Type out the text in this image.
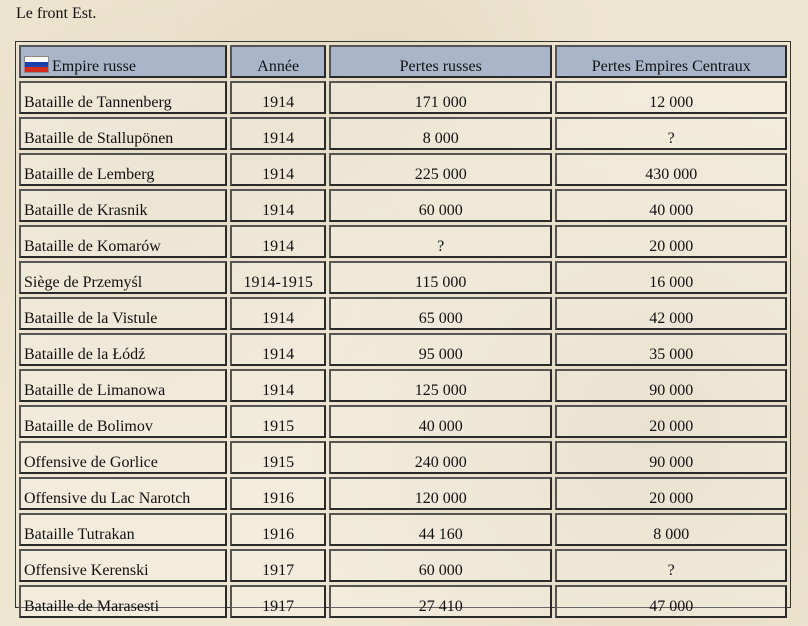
Le front Est.
Empire russe	Année	Pertes russes	Pertes Empires Centraux
Bataille de Tannenberg	1914	171 000	12 000
Bataille de Stallupönen	1914	8 000	?
Bataille de Lemberg	1914	225 000	430 000
Bataille de Krasnik	1914	60 000	40 000
Bataille de Komarów	1914	?	20 000
Siège de Przemyśl	1914-1915	115 000	16 000
Bataille de la Vistule	1914	65 000	42 000
Bataille de la Łódź	1914	95 000	35 000
Bataille de Limanowa	1914	125 000	90 000
Bataille de Bolimov	1915	40 000	20 000
Offensive de Gorlice	1915	240 000	90 000
Offensive du Lac Narotch	1916	120 000	20 000
Bataille Tutrakan	1916	44 160	8 000
Offensive Kerenski	1917	60 000	?
Bataille de Marasesti	1917	27 410	47 000
